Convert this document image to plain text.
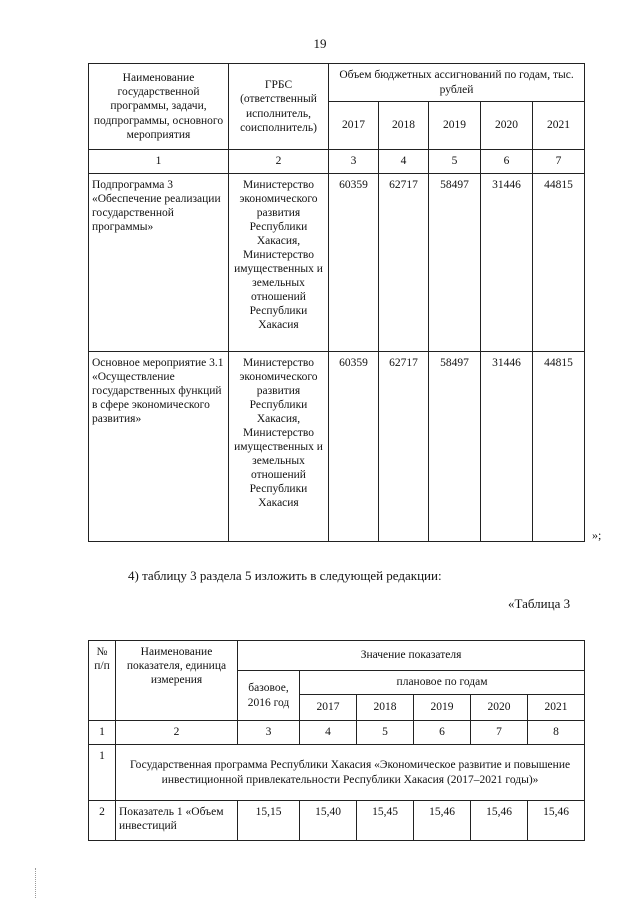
19
Наименование государственной программы, задачи, подпрограммы, основного мероприятия	ГРБС (ответственный исполнитель, соисполнитель)	Объем бюджетных ассигнований по годам, тыс. рублей				
		2017	2018	2019	2020	2021
1	2	3	4	5	6	7
Подпрограмма 3 «Обеспечение реализации государственной программы»	Министерство экономического развития Республики Хакасия, Министерство имущественных и земельных отношений Республики Хакасия	60359	62717	58497	31446	44815
Основное мероприятие 3.1 «Осуществление государственных функций в сфере экономического развития»	Министерство экономического развития Республики Хакасия, Министерство имущественных и земельных отношений Республики Хакасия	60359	62717	58497	31446	44815
»;
4) таблицу 3 раздела 5 изложить в следующей редакции:
«Таблица 3
№ п/п	Наименование показателя, единица измерения	Значение показателя					
		базовое, 2016 год	плановое по годам				
			2017	2018	2019	2020	2021
1	2	3	4	5	6	7	8
1	Государственная программа Республики Хакасия «Экономическое развитие и повышение инвестиционной привлекательности Республики Хакасия (2017–2021 годы)»						
2	Показатель 1 «Объем инвестиций	15,15	15,40	15,45	15,46	15,46	15,46
